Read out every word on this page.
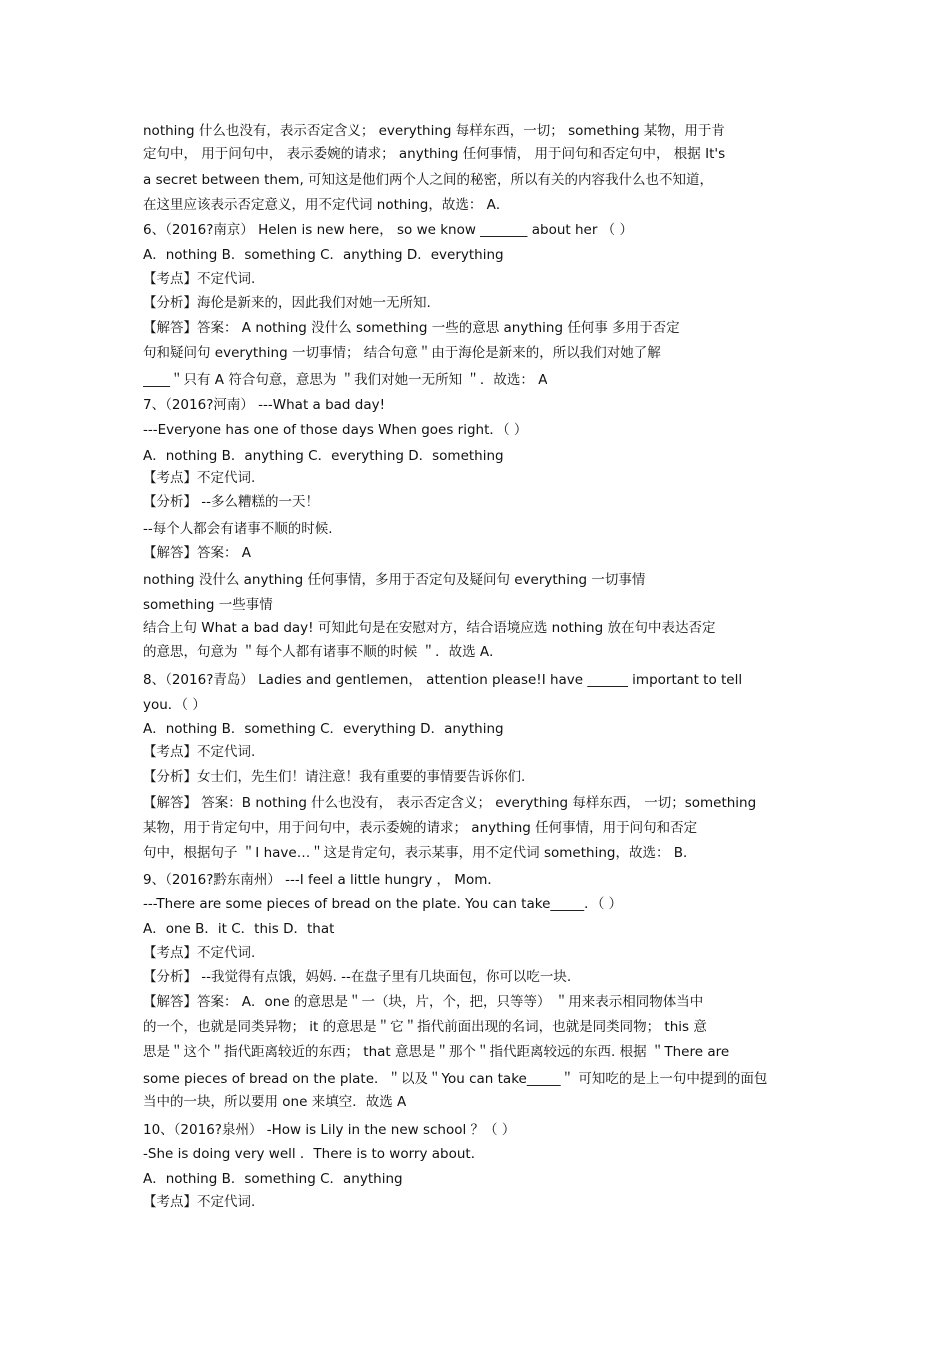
nothing 什么也没有，表示否定含义； everything 每样东西，一切； something 某物，用于肯
定句中， 用于问句中， 表示委婉的请求； anything 任何事情， 用于问句和否定句中， 根据 It's
a secret between them, 可知这是他们两个人之间的秘密，所以有关的内容我什么也不知道，
在这里应该表示否定意义，用不定代词 nothing，故选： A．
6、（2016?南京） Helen is new here， so we know _______ about her （ ）
A．nothing B．something C．anything D．everything
【考点】不定代词.
【分析】海伦是新来的，因此我们对她一无所知.
【解答】答案： A nothing 没什么 something 一些的意思 anything 任何事 多用于否定
句和疑问句 everything 一切事情； 结合句意＂由于海伦是新来的，所以我们对她了解
____＂只有 A 符合句意，意思为 ＂我们对她一无所知 ＂．故选： A
7、（2016?河南） ---What a bad day!
---Everyone has one of those days When goes right．（ ）
A．nothing B．anything C．everything D．something
【考点】不定代词.
【分析】 --多么糟糕的一天！
--每个人都会有诸事不顺的时候.
【解答】答案： A
nothing 没什么 anything 任何事情，多用于否定句及疑问句 everything 一切事情
something 一些事情
结合上句 What a bad day! 可知此句是在安慰对方，结合语境应选 nothing 放在句中表达否定
的意思，句意为 ＂每个人都有诸事不顺的时候 ＂．故选 A．
8、（2016?青岛） Ladies and gentlemen， attention please!I have ______ important to tell
you．（ ）
A．nothing B．something C．everything D．anything
【考点】不定代词.
【分析】女士们，先生们！请注意！我有重要的事情要告诉你们.
【解答】 答案：B nothing 什么也没有， 表示否定含义； everything 每样东西， 一切；something
某物，用于肯定句中，用于问句中，表示委婉的请求； anything 任何事情，用于问句和否定
句中，根据句子 ＂I have…＂这是肯定句，表示某事，用不定代词 something，故选： B．
9、（2016?黔东南州） ---I feel a little hungry ， Mom．
---There are some pieces of bread on the plate. You can take_____．（ ）
A．one B．it C．this D．that
【考点】不定代词.
【分析】 --我觉得有点饿，妈妈. --在盘子里有几块面包，你可以吃一块.
【解答】答案： A．one 的意思是＂一（块，片，个，把，只等等） ＂用来表示相同物体当中
的一个，也就是同类异物； it 的意思是＂它＂指代前面出现的名词，也就是同类同物； this 意
思是＂这个＂指代距离较近的东西； that 意思是＂那个＂指代距离较远的东西. 根据 ＂There are
some pieces of bread on the plate．＂以及＂You can take_____＂ 可知吃的是上一句中提到的面包
当中的一块，所以要用 one 来填空．故选 A
10、（2016?泉州） -How is Lily in the new school ？（ ）
-She is doing very well ．There is to worry about．
A．nothing B．something C．anything
【考点】不定代词.
